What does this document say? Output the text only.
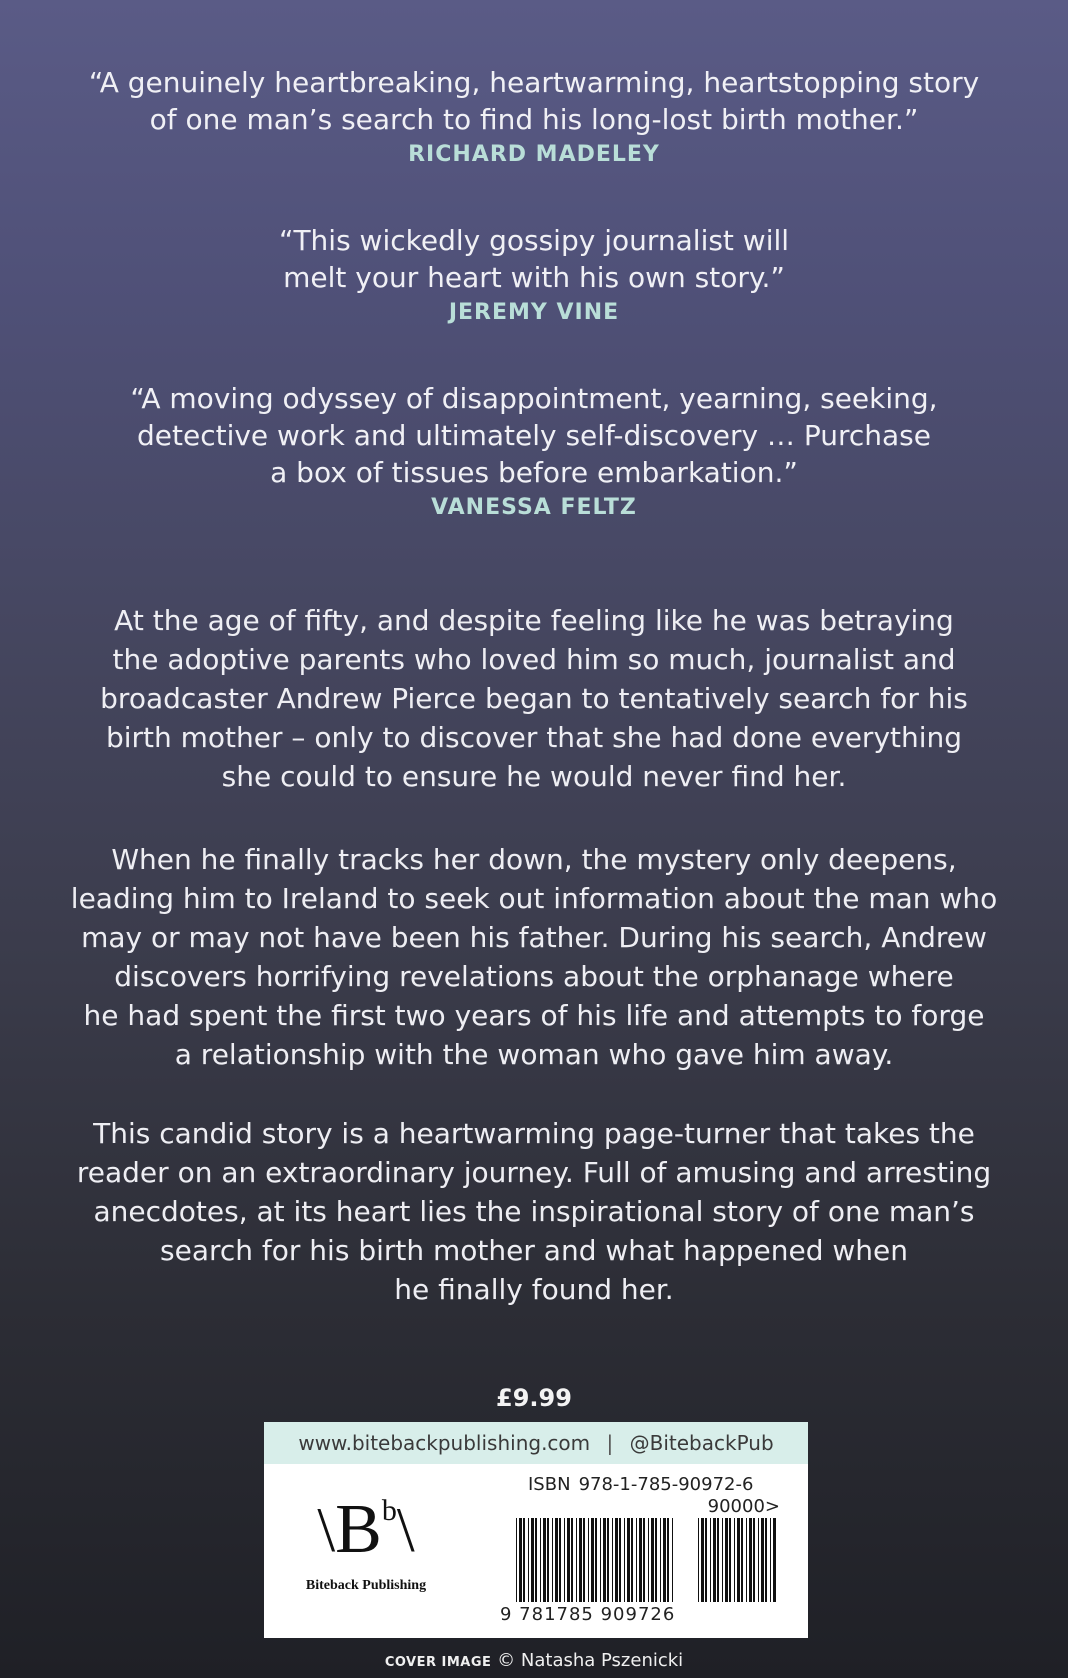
“A genuinely heartbreaking, heartwarming, heartstopping story
of one man’s search to find his long-lost birth mother.”
RICHARD MADELEY
“This wickedly gossipy journalist will
melt your heart with his own story.”
JEREMY VINE
“A moving odyssey of disappointment, yearning, seeking,
detective work and ultimately self-discovery … Purchase
a box of tissues before embarkation.”
VANESSA FELTZ
At the age of fifty, and despite feeling like he was betraying
the adoptive parents who loved him so much, journalist and
broadcaster Andrew Pierce began to tentatively search for his
birth mother – only to discover that she had done everything
she could to ensure he would never find her.
When he finally tracks her down, the mystery only deepens,
leading him to Ireland to seek out information about the man who
may or may not have been his father. During his search, Andrew
discovers horrifying revelations about the orphanage where
he had spent the first two years of his life and attempts to forge
a relationship with the woman who gave him away.
This candid story is a heartwarming page-turner that takes the
reader on an extraordinary journey. Full of amusing and arresting
anecdotes, at its heart lies the inspirational story of one man’s
search for his birth mother and what happened when
he finally found her.
£9.99
www.bitebackpublishing.com | @BitebackPub
\Bb\
Biteback Publishing
ISBN 978-1-785-90972-6
90000>
9 781785 909726
COVER IMAGE © Natasha Pszenicki
